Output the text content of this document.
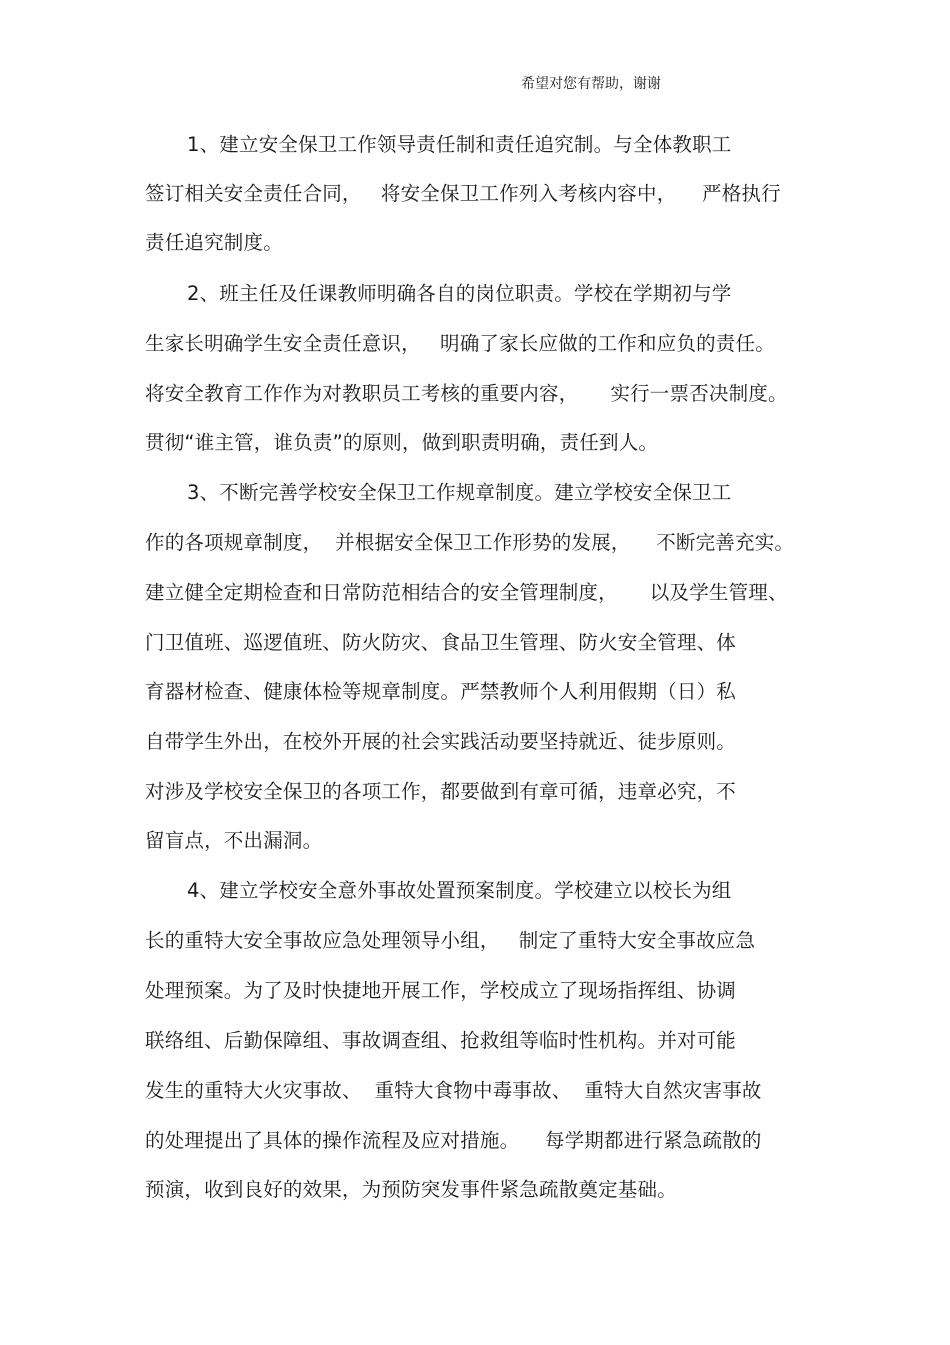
希望对您有帮助，谢谢
1、建立安全保卫工作领导责任制和责任追究制。与全体教职工
签订相关安全责任合同，   将安全保卫工作列入考核内容中，    严格执行
责任追究制度。
2、班主任及任课教师明确各自的岗位职责。学校在学期初与学
生家长明确学生安全责任意识，   明确了家长应做的工作和应负的责任。
将安全教育工作作为对教职员工考核的重要内容，     实行一票否决制度。
贯彻“谁主管，谁负责”的原则，做到职责明确，责任到人。
3、不断完善学校安全保卫工作规章制度。建立学校安全保卫工
作的各项规章制度，  并根据安全保卫工作形势的发展，    不断完善充实。
建立健全定期检查和日常防范相结合的安全管理制度，     以及学生管理、
门卫值班、巡逻值班、防火防灾、食品卫生管理、防火安全管理、体
育器材检查、健康体检等规章制度。严禁教师个人利用假期（日）私
自带学生外出，在校外开展的社会实践活动要坚持就近、徒步原则。
对涉及学校安全保卫的各项工作，都要做到有章可循，违章必究，不
留盲点，不出漏洞。
4、建立学校安全意外事故处置预案制度。学校建立以校长为组
长的重特大安全事故应急处理领导小组，   制定了重特大安全事故应急
处理预案。为了及时快捷地开展工作，学校成立了现场指挥组、协调
联络组、后勤保障组、事故调查组、抢救组等临时性机构。并对可能
发生的重特大火灾事故、  重特大食物中毒事故、  重特大自然灾害事故
的处理提出了具体的操作流程及应对措施。    每学期都进行紧急疏散的
预演，收到良好的效果，为预防突发事件紧急疏散奠定基础。
